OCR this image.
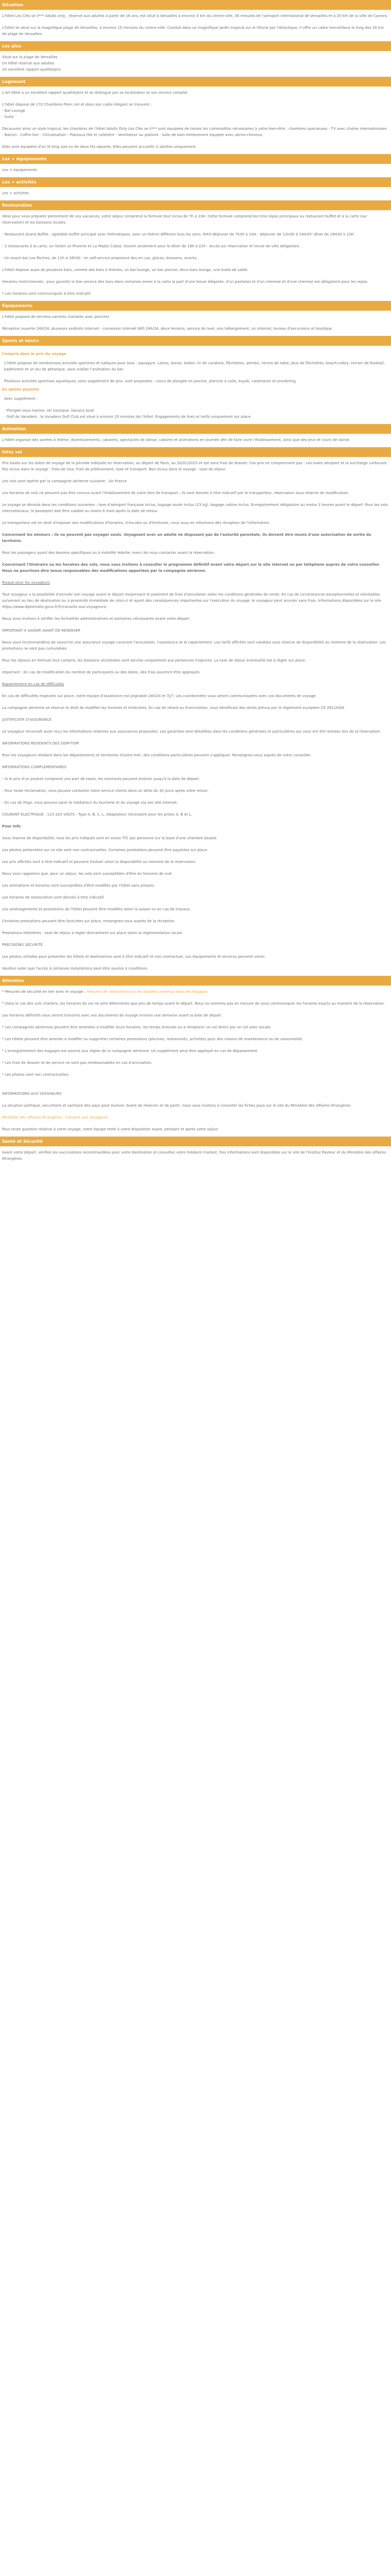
Situation

L'hôtel Les Clés se il*** Adults only , réservé aux adultes à partir de 16 ans, est situé à Versailles à environ 4 km du centre-ville, 45 minutes de l'aéroport international de Versailles et à 20 km de la ville de Cannes.

L'hôtel se situé sur la magnifique plage de Versailles, à environ 15 minutes du centre-ville. Conduit dans un magnifique jardin tropical sur le littoral par l'Atlantique, il offre un cadre merveilleux le long des 20 km de plage de Versailles.

Les plus

Situé sur la plage de Versailles

Un hôtel réservé aux adultes

Un excellent rapport qualité/prix

Logement

L'art hôtel a un excellent rapport qualité/prix et se distingue par sa localisation et son service complet.

L'hôtel dispose de 170 Chambres Plein ciel et dans son cadre élégant se trouvent :

- Bar-Lounge

- Suite

Découvrez ainsi un style tropical, les chambres de l'hôtel Adults Only Les Clés se il*** sont équipées de toutes les commodités nécessaires à votre bien-être : chambres spacieuses - TV avec chaîne internationales - Balcon - Coffre-fort - Climatisation - Plateaux thé et cafetière - Ventilateur au plafond - Salle de bain entièrement équipée avec sèche-cheveux.

Elles sont équipées d'un lit king size ou de deux lits séparés. Elles peuvent accueillir 2 adultes uniquement.

Les + équipements

Les + équipements

Les + activités

Les + activités

Restauration

Idéal pour vous préparer pleinement de vos vacances, votre séjour comprend la formule tout inclus de 7h à 23H. Cette formule comprend les trois repas principaux au restaurant buffet et à la carte (sur réservation) et les boissons locales.

- Restaurant Jivana Buffet : agréable buffet principal avec thématiques, avec un théme différent tous les soirs. Petit-déjeuner de 7h30 à 10H - déjeuner de 12H30 à 14H30* dîner de 19H30 à 22H

- 2 restaurants à la carte, un italien Le Phoenix et La Mojito Cubas. Ouvert seulement pour le dîner de 19h à 22h - Accès sur réservation et tenue de ville obligatoire.

- Un snack-bar Les Roches, de 11h à 16h30 - en self-service proposant des en-cas, glaces, boissons, snacks.

L'hôtel dispose aussi de plusieurs bars, comme des bars à thèmes, un bar-lounge, un bar piscine, deux bars lounge, une butte de sable.

Horaires restrictionnés : pour garantir le bon service des bars dans certaines zones à la carte la part d'une tenue élégante, d'un pantalon et d'un chemise et d'une chemise est obligatoire pour les repas.

* Les horaires sont communiqués à titre indicatif.

Équipements

L'hôtel propose de terrains variants (variants avec ponche).

Réception ouverte 24h/24, plusieurs endroits Internet - connexion internet Wifi 24h/24, deux terrains, service de lavé, une hébergement, un internet, bureau d'excursions et boutique.

Sports et loisirs
Compris dans le prix du voyage

L'hôtel propose de nombreuses activités sportives et ludiques pour tous : aquagym, Latino, danse, ballon, tir de carabine, fléchettes, aérobic, tennis de table, jeux de fléchettes, beach-volley, terrain de football, badminton et un jeu de pétanque, sans oublier l'animation du bar.

Plusieurs activités sportives aquatiques, sans supplément de prix, sont proposées : cours de plongée en piscine, planche à voile, kayak, catamaran et snorkeling.

En option payante

Avec supplément :

- Plongée sous-marine, ski nautique, banana boat

- Golf de Varadero : le Varadero Golf Club est situé à environ 20 minutes de l'hôtel. Engagements de frais et tarifs uniquement sur place.

Animation

L'hôtel organise des soirées à thème, divertissements, cabarets, spectacles de danse, cabaret et animations en journée afin de faire vivre l'établissement, ainsi que des jeux et cours de danse.

Infos vol

Prix basés sur les dates de voyage de la période indiquée en réservation, au départ de Paris, au 20/01/2025 et est sans frais de dossier. Ces prix ne comprennent pas : Les taxes aéroport et la surcharge carburant. Pas inclus dans le voyage : frais de visa, frais de prélèvement, taxe et transport. Non inclus dans le voyage : taxe de séjour.

Les vols sont opérés par la compagnie aérienne suivante : Air France

Les horaires de vols ne peuvent pas être connus avant l'établissement de votre titre de transport ; ils sont donnés à titre indicatif par le transporteur, réservation sous réserve de modification.

Le voyage se déroule dans les conditions suivantes : taxe d'aéroport française inclus, bagage soute inclus (23 kg), bagage cabine inclus. Enregistrement obligatoire au moins 3 heures avant le départ. Pour les vols internationaux, le passeport doit être valable au moins 6 mois après la date de retour.

Le transporteur est en droit d'imposer des modifications d'horaires, d'escales ou d'itinéraire, nous vous en informons dès réception de l'information.

Concernant les mineurs : ils ne peuvent pas voyager seuls. Voyageant avec un adulte ne disposant pas de l'autorité parentale, ils doivent être munis d'une autorisation de sortie du territoire.

Pour les passagers ayant des besoins spécifiques ou à mobilité réduite, merci de nous contacter avant la réservation.

Concernant l'itinéraire ou les horaires des vols, nous vous invitons à consulter le programme définitif avant votre départ sur le site internet ou par téléphone auprès de votre conseiller. Nous ne pourrions être tenus responsables des modifications apportées par la compagnie aérienne.

Risque pour les voyageurs

Tout voyageur a la possibilité d'annuler son voyage avant le départ moyennant le paiement de frais d'annulation selon les conditions générales de vente. En cas de circonstances exceptionnelles et inévitables survenant au lieu de destination ou à proximité immédiate de celui-ci et ayant des conséquences importantes sur l'exécution du voyage, le voyageur peut annuler sans frais. Informations disponibles sur le site https://www.diplomatie.gouv.fr/fr/conseils-aux-voyageurs/

Nous vous invitons à vérifier les formalités administratives et sanitaires nécessaires avant votre départ.

IMPORTANT À SAVOIR AVANT DE RÉSERVER

Nous vous recommandons de souscrire une assurance voyage couvrant l'annulation, l'assistance et le rapatriement. Les tarifs affichés sont valables sous réserve de disponibilité au moment de la réservation. Les promotions ne sont pas cumulables.

Pour les séjours en formule tout compris, les boissons alcoolisées sont servies uniquement aux personnes majeures. La taxe de séjour éventuelle est à régler sur place.

Important : En cas de modification du nombre de participants ou des dates, des frais pourront être appliqués.

Rapatriement en cas de difficultés

En cas de difficultés majeures sur place, notre équipe d'assistance est joignable 24h/24 et 7j/7. Les coordonnées vous seront communiquées avec vos documents de voyage.

La compagnie aérienne se réserve le droit de modifier les horaires et itinéraires. En cas de retard ou d'annulation, vous bénéficiez des droits prévus par le règlement européen CE 261/2004.

JUSTIFICATIF D'ASSURANCE

Le voyageur reconnaît avoir reçu les informations relatives aux assurances proposées. Les garanties sont détaillées dans les conditions générales et particulières qui vous ont été remises lors de la réservation.

INFORMATIONS RÉSIDENTS DES DOM-TOM

Pour les voyageurs résidant dans les départements et territoires d'outre-mer, des conditions particulières peuvent s'appliquer. Renseignez-vous auprès de votre conseiller.

INFORMATIONS COMPLÉMENTAIRES

- Si le prix d'un produit comprend une part de taxes, les montants peuvent évoluer jusqu'à la date de départ.

- Pour toute réclamation, vous pouvez contacter notre service clients dans un délai de 30 jours après votre retour.

- En cas de litige, vous pouvez saisir le médiateur du tourisme et du voyage via son site internet.

COURANT ÉLECTRIQUE : 110-220 VOLTS - Type A, B, C, L. Adaptateur nécessaire pour les prises A, B et L.

Pour info

Sous réserve de disponibilité, tous les prix indiqués sont en euros TTC par personne sur la base d'une chambre double.

Les photos présentées sur ce site sont non contractuelles. Certaines prestations peuvent être payantes sur place.

Les prix affichés sont à titre indicatif et peuvent évoluer selon la disponibilité au moment de la réservation.

Nous vous rappelons que, pour un séjour, les vols sont susceptibles d'être en horaires de nuit.

Les animations et horaires sont susceptibles d'être modifiés par l'hôtel sans préavis.

Les horaires de restauration sont donnés à titre indicatif.

Les aménagements et prestations de l'hôtel peuvent être modifiés selon la saison ou en cas de travaux.

Certaines prestations peuvent être facturées sur place, renseignez-vous auprès de la réception.

Prestations hôtelières : taxe de séjour à régler directement sur place selon la réglementation locale.

PRÉCISIONS SÉCURITÉ

Les photos utilisées pour présenter les hôtels et destinations sont à titre indicatif et non contractuel. Les équipements et services peuvent varier.

Veuillez noter que l'accès à certaines installations peut être soumis à conditions.

Attention

* Mesures de sécurité en lien avec le voyage : mesures de restrictions sur les liquides contenus dans les bagages

* Dans le cas des vols charters, les horaires de vol ne sont déterminés que peu de temps avant le départ. Nous ne sommes pas en mesure de vous communiquer les horaires exacts au moment de la réservation.

Les horaires définitifs vous seront transmis avec vos documents de voyage environ une semaine avant la date de départ.

* Les compagnies aériennes peuvent être amenées à modifier leurs horaires, les temps d'escale ou à remplacer un vol direct par un vol avec escale.

* Les hôtels peuvent être amenés à modifier ou supprimer certaines prestations (piscines, restaurants, activités) pour des raisons de maintenance ou de saisonnalité.

* L'enregistrement des bagages est soumis aux règles de la compagnie aérienne. Un supplément peut être appliqué en cas de dépassement.

* Les frais de dossier et de service ne sont pas remboursables en cas d'annulation.

* Les photos sont non contractuelles.

INFORMATIONS AUX VOYAGEURS

La situation politique, sécuritaire et sanitaire des pays peut évoluer. Avant de réserver et de partir, nous vous invitons à consulter les fiches pays sur le site du Ministère des Affaires étrangères.

Ministère des Affaires étrangères - Conseils aux voyageurs

Pour toute question relative à votre voyage, notre équipe reste à votre disposition avant, pendant et après votre séjour.

Santé et Sécurité

Avant votre départ, vérifiez les vaccinations recommandées pour votre destination et consultez votre médecin traitant. Des informations sont disponibles sur le site de l'Institut Pasteur et du Ministère des Affaires étrangères.
